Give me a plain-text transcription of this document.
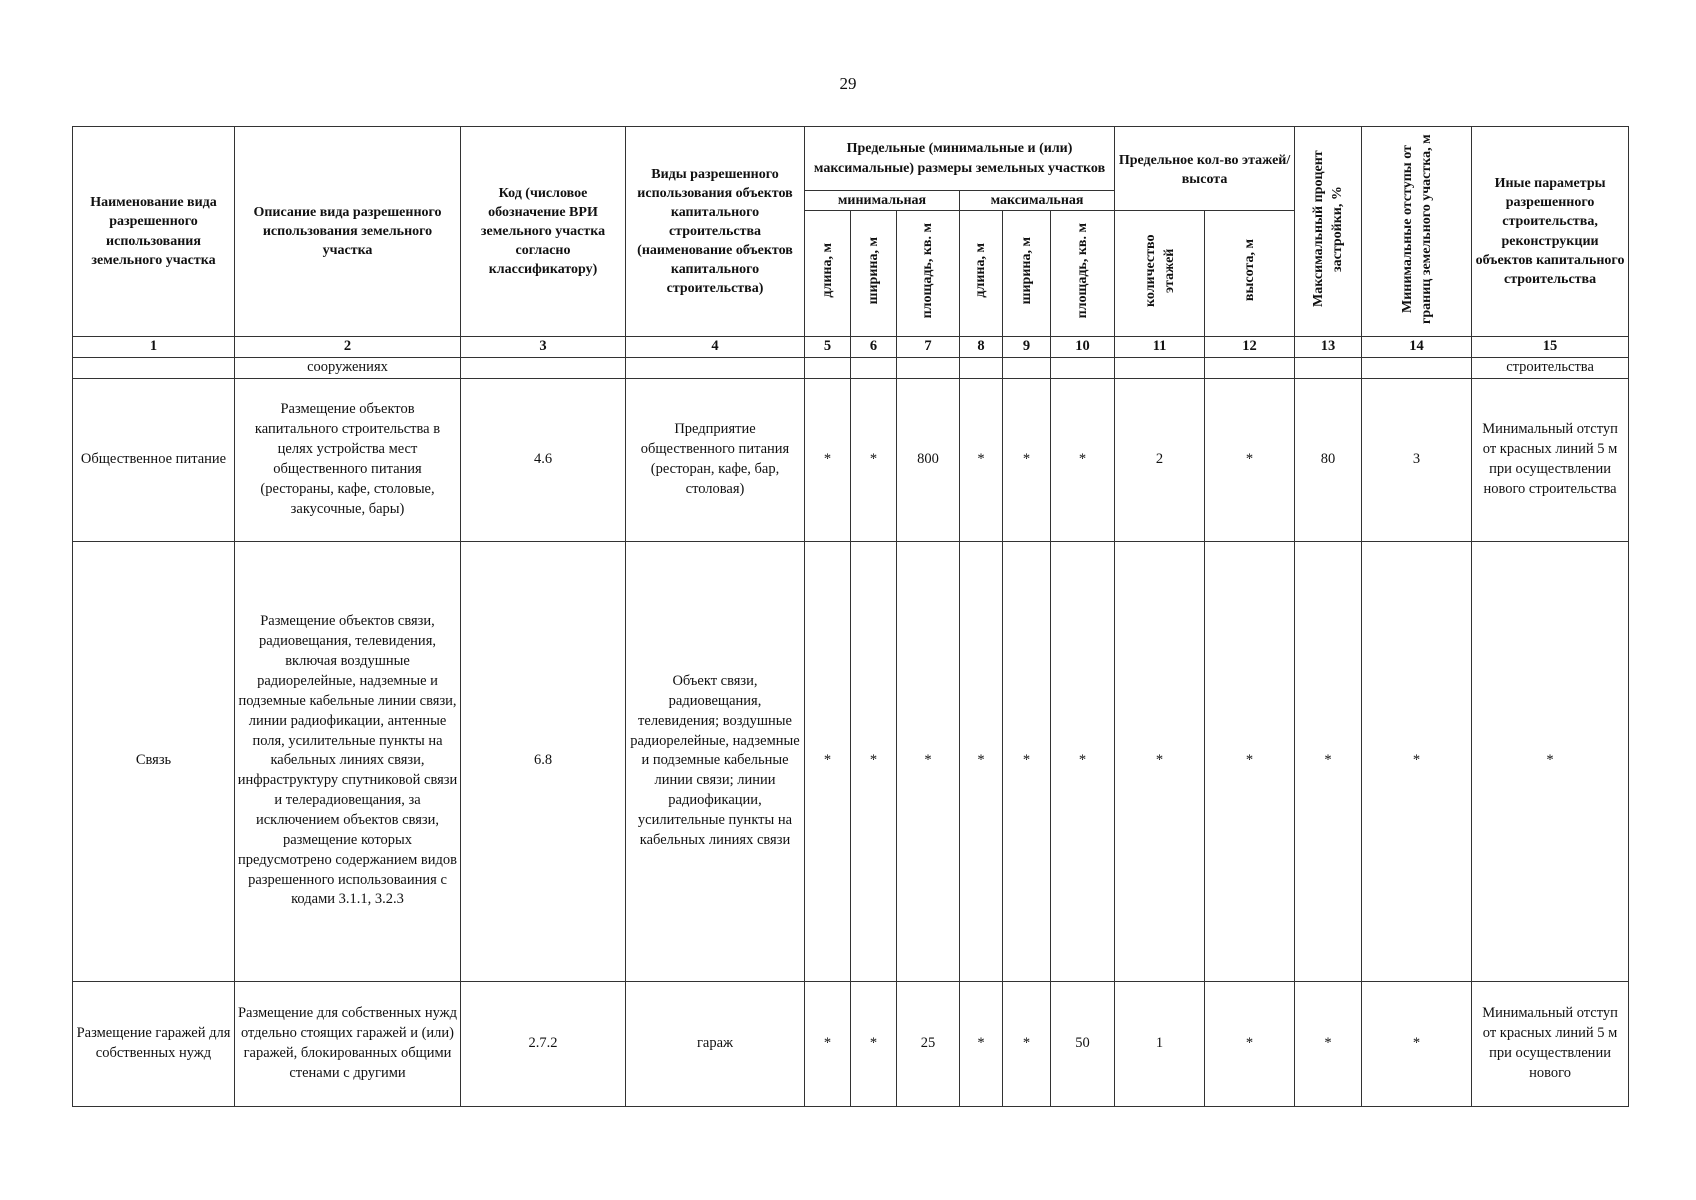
29
Наименование вида разрешенного использования земельного участка	Описание вида разрешенного использования земельного участка	Код (числовое обозначение ВРИ земельного участка согласно классификатору)	Виды разрешенного использования объектов капитального строительства (наименование объектов капитального строительства)	Предельные (минимальные и (или) максимальные) размеры земельных участков						Предельное кол-во этажей/высота		Максимальный процент застройки, %	Минимальные отступы от границ земельного участка, м	Иные параметры разрешенного строительства, реконструкции объектов капитального строительства
				минимальная			максимальная							
				длина, м	ширина, м	площадь, кв. м	длина, м	ширина, м	площадь, кв. м	количество этажей	высота, м			
1	2	3	4	5	6	7	8	9	10	11	12	13	14	15
	сооружениях													строительства
Общественное питание	Размещение объектов капитального строительства в целях устройства мест общественного питания (рестораны, кафе, столовые, закусочные, бары)	4.6	Предприятие общественного питания (ресторан, кафе, бар, столовая)	*	*	800	*	*	*	2	*	80	3	Минимальный отступ от красных линий 5 м при осуществлении нового строительства
Связь	Размещение объектов связи, радиовещания, телевидения, включая воздушные радиорелейные, надземные и подземные кабельные линии связи, линии радиофикации, антенные поля, усилительные пункты на кабельных линиях связи, инфраструктуру спутниковой связи и телерадиовещания, за исключением объектов связи, размещение которых предусмотрено содержанием видов разрешенного использоваиния с кодами 3.1.1, 3.2.3	6.8	Объект связи, радиовещания, телевидения; воздушные радиорелейные, надземные и подземные кабельные линии связи; линии радиофикации, усилительные пункты на кабельных линиях связи	*	*	*	*	*	*	*	*	*	*	*
Размещение гаражей для собственных нужд	Размещение для собственных нужд отдельно стоящих гаражей и (или) гаражей, блокированных общими стенами с другими	2.7.2	гараж	*	*	25	*	*	50	1	*	*	*	Минимальный отступ от красных линий 5 м при осуществлении нового
